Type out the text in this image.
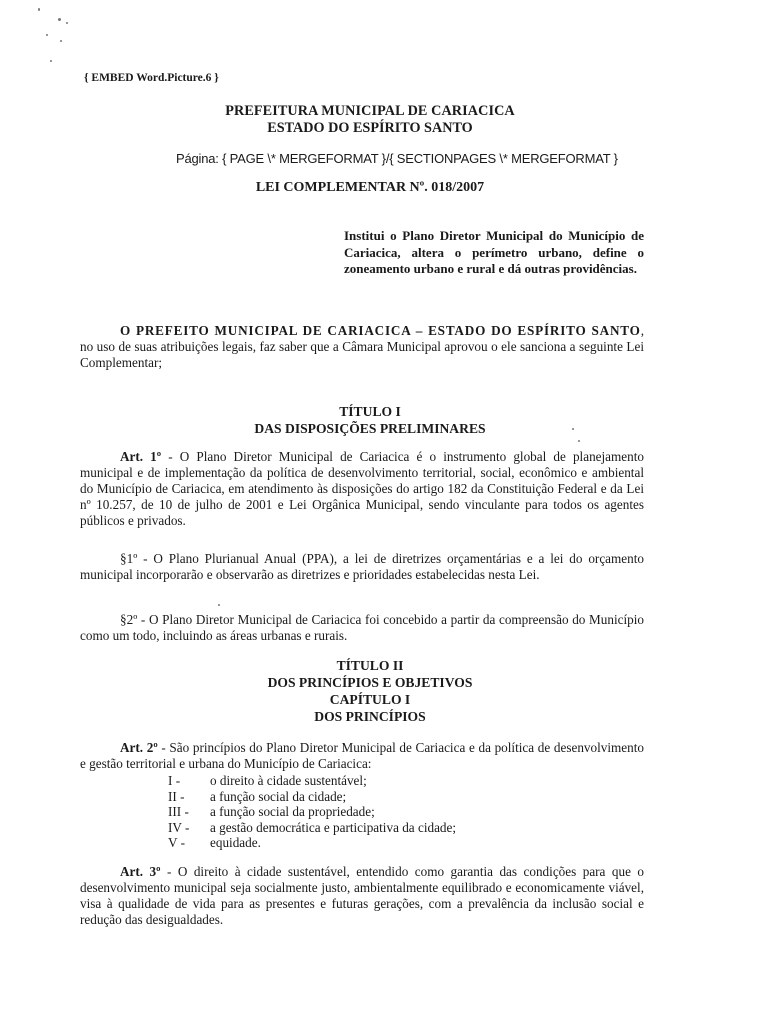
{ EMBED Word.Picture.6 }
PREFEITURA MUNICIPAL DE CARIACICA
ESTADO DO ESPÍRITO SANTO
Página: { PAGE \* MERGEFORMAT }/{ SECTIONPAGES \* MERGEFORMAT }
LEI COMPLEMENTAR Nº. 018/2007
Institui o Plano Diretor Municipal do Município de Cariacica, altera o perímetro urbano, define o zoneamento urbano e rural e dá outras providências.

O PREFEITO MUNICIPAL DE CARIACICA – ESTADO DO ESPÍRITO SANTO, no uso de suas atribuições legais, faz saber que a Câmara Municipal aprovou o ele sanciona a seguinte Lei Complementar;

TÍTULO I
DAS DISPOSIÇÕES PRELIMINARES

Art. 1º - O Plano Diretor Municipal de Cariacica é o instrumento global de planejamento municipal e de implementação da política de desenvolvimento territorial, social, econômico e ambiental do Município de Cariacica, em atendimento às disposições do artigo 182 da Constituição Federal e da Lei nº 10.257, de 10 de julho de 2001 e Lei Orgânica Municipal, sendo vinculante para todos os agentes públicos e privados.

§1º - O Plano Plurianual Anual (PPA), a lei de diretrizes orçamentárias e a lei do orçamento municipal incorporarão e observarão as diretrizes e prioridades estabelecidas nesta Lei.

§2º - O Plano Diretor Municipal de Cariacica foi concebido a partir da compreensão do Município como um todo, incluindo as áreas urbanas e rurais.

TÍTULO II
DOS PRINCÍPIOS E OBJETIVOS
CAPÍTULO I
DOS PRINCÍPIOS

Art. 2º - São princípios do Plano Diretor Municipal de Cariacica e da política de desenvolvimento e gestão territorial e urbana do Município de Cariacica:

I - o direito à cidade sustentável;
II - a função social da cidade;
III - a função social da propriedade;
IV - a gestão democrática e participativa da cidade;
V - equidade.

Art. 3º - O direito à cidade sustentável, entendido como garantia das condições para que o desenvolvimento municipal seja socialmente justo, ambientalmente equilibrado e economicamente viável, visa à qualidade de vida para as presentes e futuras gerações, com a prevalência da inclusão social e redução das desigualdades.
